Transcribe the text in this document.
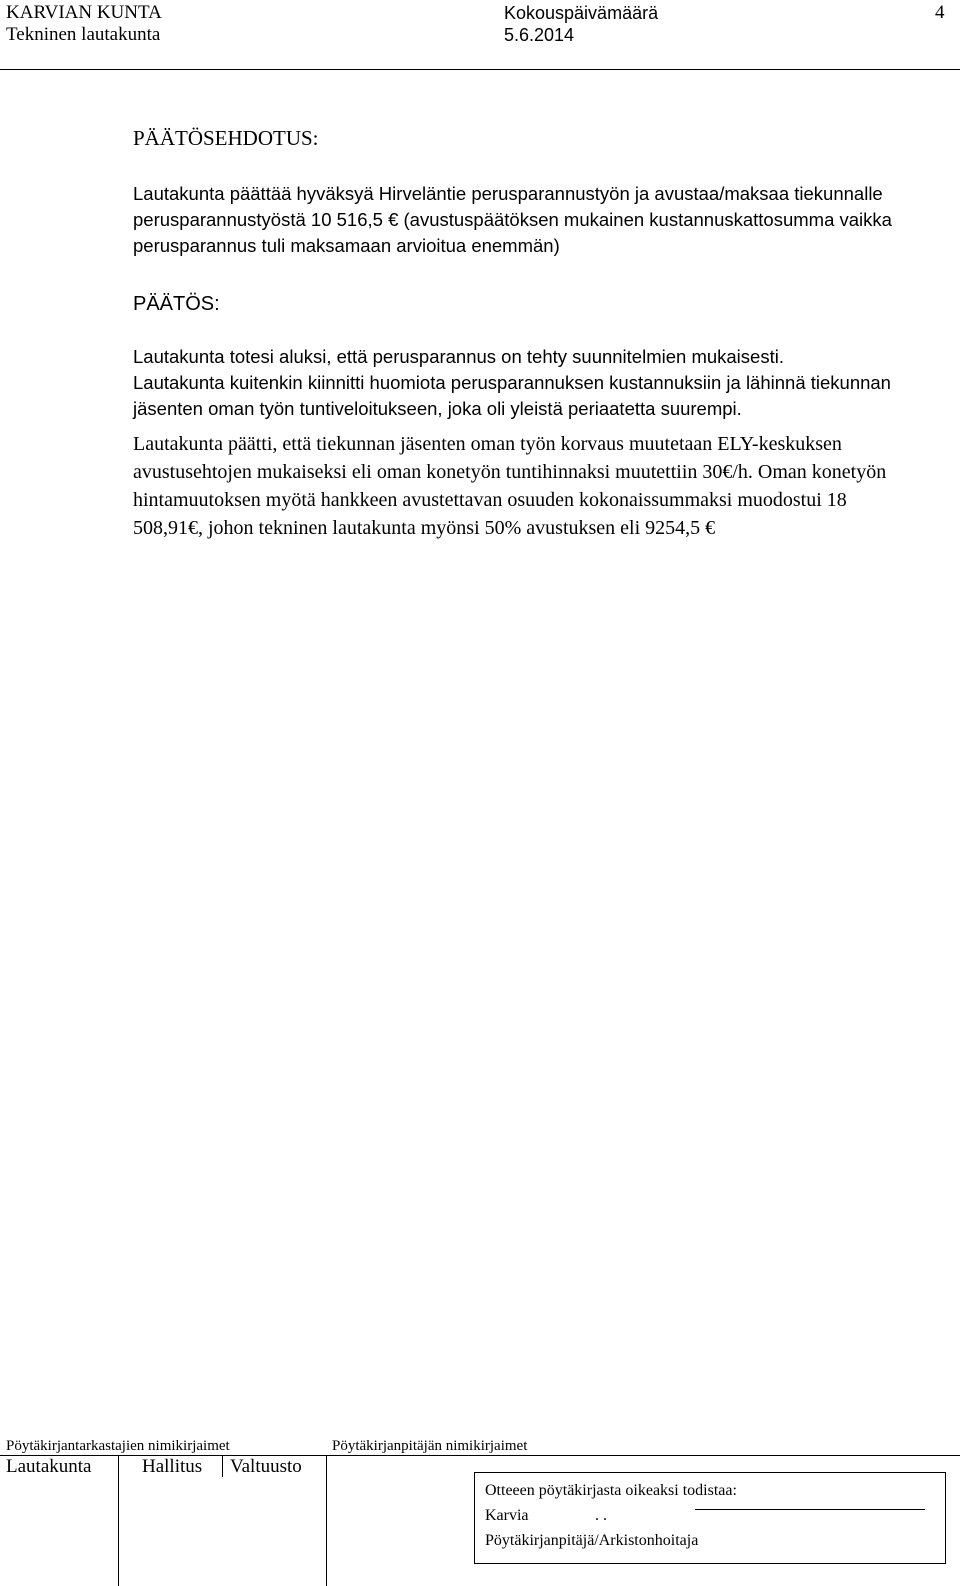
KARVIAN KUNTA
Tekninen lautakunta
Kokouspäivämäärä
5.6.2014
4
PÄÄTÖSEHDOTUS:

Lautakunta päättää hyväksyä Hirveläntie perusparannustyön ja avustaa/maksaa tiekunnalle perusparannustyöstä 10 516,5 € (avustuspäätöksen mukainen kustannuskattosumma vaikka perusparannus tuli maksamaan arvioitua enemmän)

PÄÄTÖS:

Lautakunta totesi aluksi, että perusparannus on tehty suunnitelmien mukaisesti.

Lautakunta kuitenkin kiinnitti huomiota perusparannuksen kustannuksiin ja lähinnä tiekunnan jäsenten oman työn tuntiveloitukseen, joka oli yleistä periaatetta suurempi.

Lautakunta päätti, että tiekunnan jäsenten oman työn korvaus muutetaan ELY-keskuksen avustusehtojen mukaiseksi eli oman konetyön tuntihinnaksi muutettiin 30€/h. Oman konetyön hintamuutoksen myötä hankkeen avustettavan osuuden kokonaissummaksi muodostui 18 508,91€, johon tekninen lautakunta myönsi 50% avustuksen eli 9254,5 €

Pöytäkirjantarkastajien nimikirjaimet	Pöytäkirjanpitäjän nimikirjaimet
Lautakunta	Hallitus Valtuusto
Otteeen pöytäkirjasta oikeaksi todistaa:
Karvia	. .
Pöytäkirjanpitäjä/Arkistonhoitaja
